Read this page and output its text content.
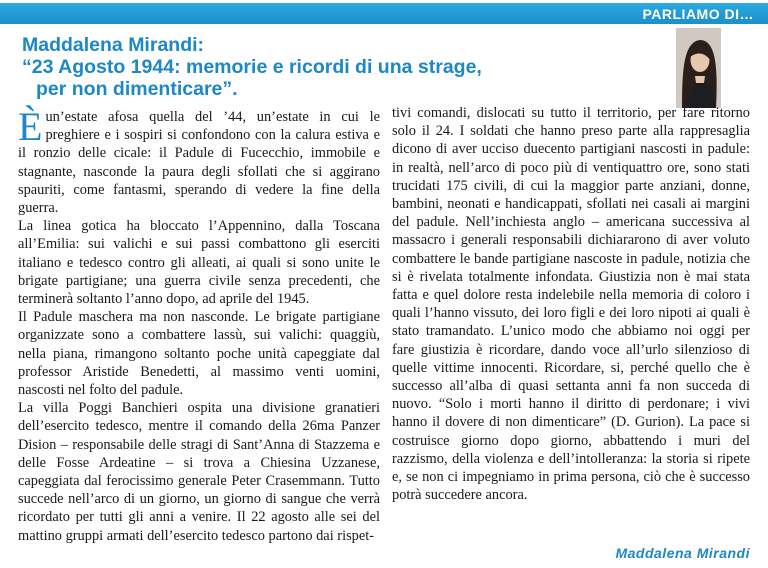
PARLIAMO DI…
Maddalena Mirandi:
“23 Agosto 1944: memorie e ricordi di una strage,
per non dimenticare”.

Èun’estate afosa quella del ’44, un’estate in cui le preghiere e i sospiri si confondono con la calura estiva e il ronzio delle cicale: il Padule di Fucecchio, immobile e stagnante, nasconde la paura degli sfollati che si aggirano spauriti, come fantasmi, sperando di vedere la fine della guerra.

La linea gotica ha bloccato l’Appennino, dalla Toscana all’Emilia: sui valichi e sui passi combattono gli eserciti italiano e tedesco contro gli alleati, ai quali si sono unite le brigate partigiane; una guerra civile senza precedenti, che terminerà soltanto l’anno dopo, ad aprile del 1945.

Il Padule maschera ma non nasconde. Le brigate partigiane organizzate sono a combattere lassù, sui valichi: quaggiù, nella piana, rimangono soltanto poche unità capeggiate dal professor Aristide Benedetti, al massimo venti uomini, nascosti nel folto del padule.

La villa Poggi Banchieri ospita una divisione granatieri dell’esercito tedesco, mentre il comando della 26ma Panzer Dision – responsabile delle stragi di Sant’Anna di Stazzema e delle Fosse Ardeatine – si trova a Chiesina Uzzanese, capeggiata dal ferocissimo generale Peter Crasemmann. Tutto succede nell’arco di un giorno, un giorno di sangue che verrà ricordato per tutti gli anni a venire. Il 22 agosto alle sei del mattino gruppi armati dell’esercito tedesco partono dai rispet-

tivi comandi, dislocati su tutto il territorio, per fare ritorno solo il 24. I soldati che hanno preso parte alla rappresaglia dicono di aver ucciso duecento partigiani nascosti in padule: in realtà, nell’arco di poco più di ventiquattro ore, sono stati trucidati 175 civili, di cui la maggior parte anziani, donne, bambini, neonati e handicappati, sfollati nei casali ai margini del padule. Nell’inchiesta anglo – americana successiva al massacro i generali responsabili dichiararono di aver voluto combattere le bande partigiane nascoste in padule, notizia che si è rivelata totalmente infondata. Giustizia non è mai stata fatta e quel dolore resta indelebile nella memoria di coloro i quali l’hanno vissuto, dei loro figli e dei loro nipoti ai quali è stato tramandato. L’unico modo che abbiamo noi oggi per fare giustizia è ricordare, dando voce all’urlo silenzioso di quelle vittime innocenti. Ricordare, si, perché quello che è successo all’alba di quasi settanta anni fa non succeda di nuovo. “Solo i morti hanno il diritto di perdonare; i vivi hanno il dovere di non dimenticare” (D. Gurion). La pace si costruisce giorno dopo giorno, abbattendo i muri del razzismo, della violenza e dell’intolleranza: la storia si ripete e, se non ci impegniamo in prima persona, ciò che è successo potrà succedere ancora.

Maddalena Mirandi
